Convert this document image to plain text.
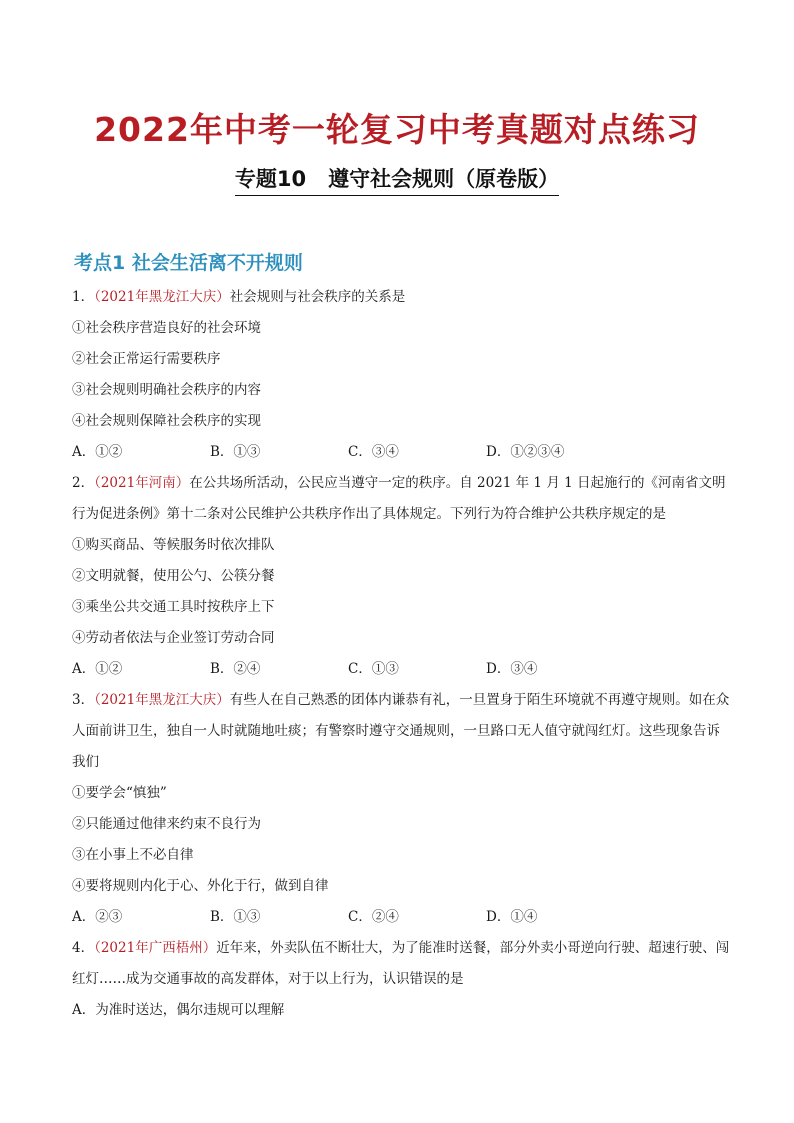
2022年中考一轮复习中考真题对点练习
专题10   遵守社会规则（原卷版）
考点1 社会生活离不开规则
1．（2021年黑龙江大庆）社会规则与社会秩序的关系是
①社会秩序营造良好的社会环境
②社会正常运行需要秩序
③社会规则明确社会秩序的内容
④社会规则保障社会秩序的实现
A．①②	B．①③	C．③④	D．①②③④
2．（2021年河南）在公共场所活动，公民应当遵守一定的秩序。自 2021 年 1 月 1 日起施行的《河南省文明行为促进条例》第十二条对公民维护公共秩序作出了具体规定。下列行为符合维护公共秩序规定的是
①购买商品、等候服务时依次排队
②文明就餐，使用公勺、公筷分餐
③乘坐公共交通工具时按秩序上下
④劳动者依法与企业签订劳动合同
A．①②	B．②④	C．①③	D．③④
3．（2021年黑龙江大庆）有些人在自己熟悉的团体内谦恭有礼，一旦置身于陌生环境就不再遵守规则。如在众人面前讲卫生，独自一人时就随地吐痰；有警察时遵守交通规则，一旦路口无人值守就闯红灯。这些现象告诉我们
①要学会“慎独”
②只能通过他律来约束不良行为
③在小事上不必自律
④要将规则内化于心、外化于行，做到自律
A．②③	B．①③	C．②④	D．①④
4．（2021年广西梧州）近年来，外卖队伍不断壮大，为了能准时送餐，部分外卖小哥逆向行驶、超速行驶、闯红灯……成为交通事故的高发群体，对于以上行为，认识错误的是
A．为准时送达，偶尔违规可以理解
